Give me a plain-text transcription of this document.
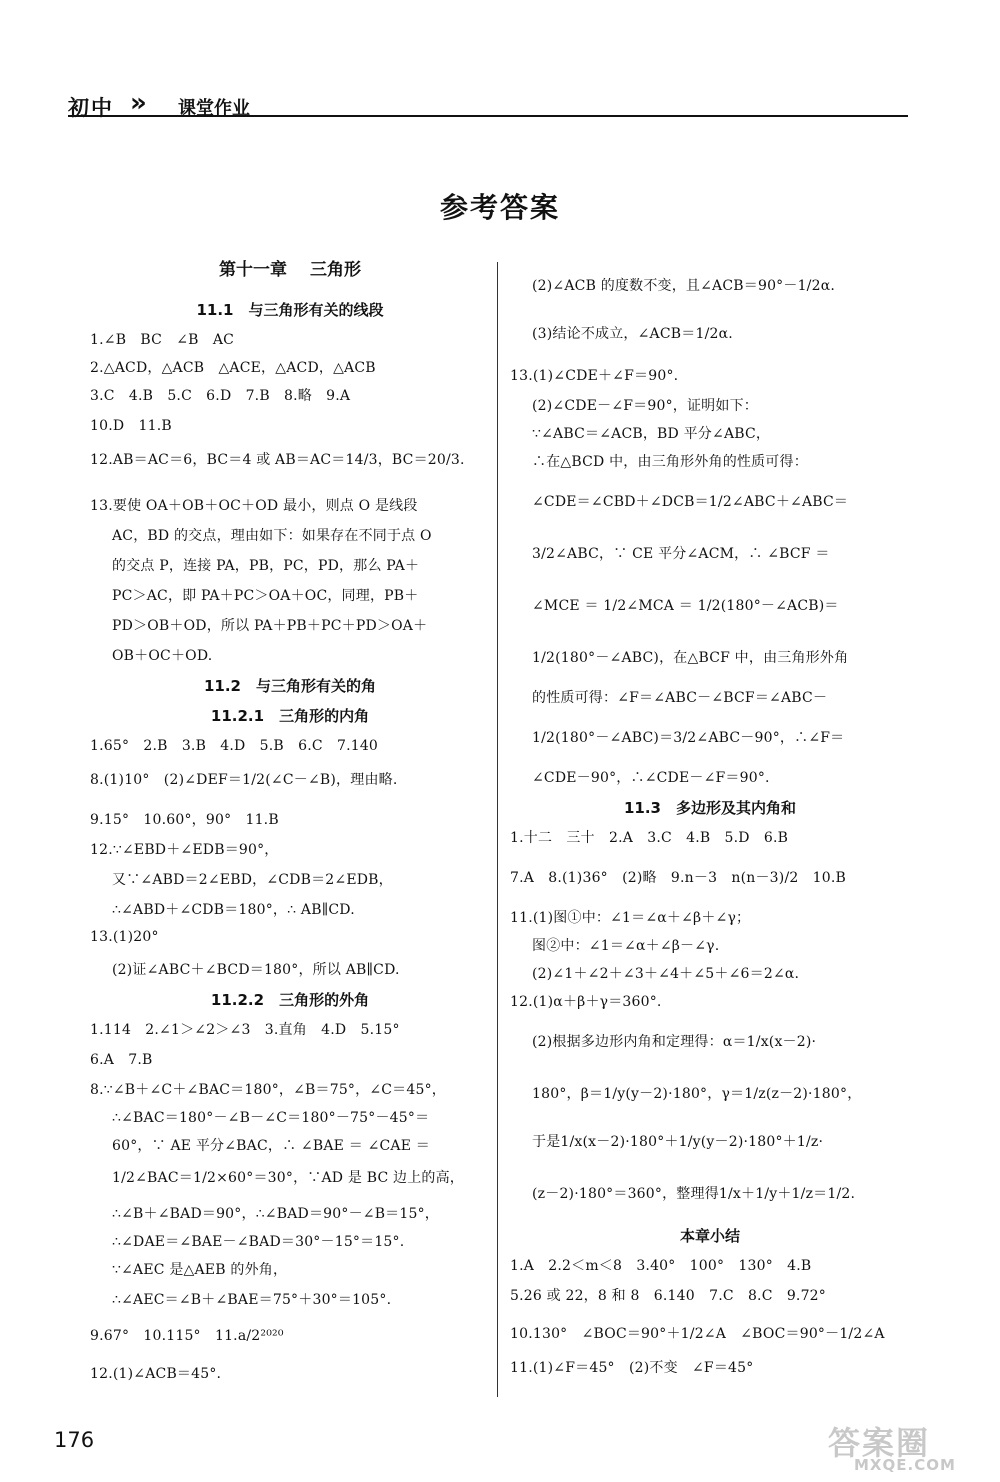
初中 » 课堂作业
参考答案
第十一章　 三角形
11.1　与三角形有关的线段
1.∠B　BC　∠B　AC
2.△ACD，△ACB　△ACE，△ACD，△ACB
3.C　4.B　5.C　6.D　7.B　8.略　9.A
10.D　11.B
12.AB＝AC＝6，BC＝4 或 AB＝AC＝14/3，BC＝20/3.
13.要使 OA＋OB＋OC＋OD 最小，则点 O 是线段
AC，BD 的交点，理由如下：如果存在不同于点 O
的交点 P，连接 PA，PB，PC，PD，那么 PA＋
PC＞AC，即 PA＋PC＞OA＋OC，同理，PB＋
PD＞OB＋OD，所以 PA＋PB＋PC＋PD＞OA＋
OB＋OC＋OD.
11.2　与三角形有关的角
11.2.1　三角形的内角
1.65°　2.B　3.B　4.D　5.B　6.C　7.140
8.(1)10°　(2)∠DEF＝1/2(∠C－∠B)，理由略.
9.15°　10.60°，90°　11.B
12.∵∠EBD＋∠EDB＝90°，
又∵∠ABD＝2∠EBD，∠CDB＝2∠EDB，
∴∠ABD＋∠CDB＝180°，∴ AB∥CD.
13.(1)20°
(2)证∠ABC＋∠BCD＝180°，所以 AB∥CD.
11.2.2　三角形的外角
1.114　2.∠1＞∠2＞∠3　3.直角　4.D　5.15°
6.A　7.B
8.∵∠B＋∠C＋∠BAC＝180°，∠B＝75°，∠C＝45°，
∴∠BAC＝180°－∠B－∠C＝180°－75°－45°＝
60°，∵ AE 平分∠BAC，∴ ∠BAE ＝ ∠CAE ＝
1/2∠BAC＝1/2×60°＝30°，∵AD 是 BC 边上的高，
∴∠B＋∠BAD＝90°，∴∠BAD＝90°－∠B＝15°，
∴∠DAE＝∠BAE－∠BAD＝30°－15°＝15°.
∵∠AEC 是△AEB 的外角，
∴∠AEC＝∠B＋∠BAE＝75°＋30°＝105°.
9.67°　10.115°　11.a/2²⁰²⁰
12.(1)∠ACB＝45°.
(2)∠ACB 的度数不变，且∠ACB＝90°－1/2α.
(3)结论不成立，∠ACB＝1/2α.
13.(1)∠CDE＋∠F＝90°.
(2)∠CDE－∠F＝90°，证明如下：
∵∠ABC＝∠ACB，BD 平分∠ABC，
∴在△BCD 中，由三角形外角的性质可得：
∠CDE＝∠CBD＋∠DCB＝1/2∠ABC＋∠ABC＝
3/2∠ABC，∵ CE 平分∠ACM，∴ ∠BCF ＝
∠MCE ＝ 1/2∠MCA ＝ 1/2(180°－∠ACB)＝
1/2(180°－∠ABC)，在△BCF 中，由三角形外角
的性质可得：∠F＝∠ABC－∠BCF＝∠ABC－
1/2(180°－∠ABC)＝3/2∠ABC－90°，∴∠F＝
∠CDE－90°，∴∠CDE－∠F＝90°.
11.3　多边形及其内角和
1.十二　三十　2.A　3.C　4.B　5.D　6.B
7.A　8.(1)36°　(2)略　9.n－3　n(n－3)/2　10.B
11.(1)图①中：∠1＝∠α＋∠β＋∠γ；
图②中：∠1＝∠α＋∠β－∠γ.
(2)∠1＋∠2＋∠3＋∠4＋∠5＋∠6＝2∠α.
12.(1)α＋β＋γ＝360°.
(2)根据多边形内角和定理得：α＝1/x(x－2)·
180°，β＝1/y(y－2)·180°，γ＝1/z(z－2)·180°，
于是1/x(x－2)·180°＋1/y(y－2)·180°＋1/z·
(z－2)·180°＝360°，整理得1/x＋1/y＋1/z＝1/2.
本章小结
1.A　2.2＜m＜8　3.40°　100°　130°　4.B
5.26 或 22，8 和 8　6.140　7.C　8.C　9.72°
10.130°　∠BOC＝90°＋1/2∠A　∠BOC＝90°－1/2∠A
11.(1)∠F＝45°　(2)不变　∠F＝45°
176	答案圈
MXQE.COM
